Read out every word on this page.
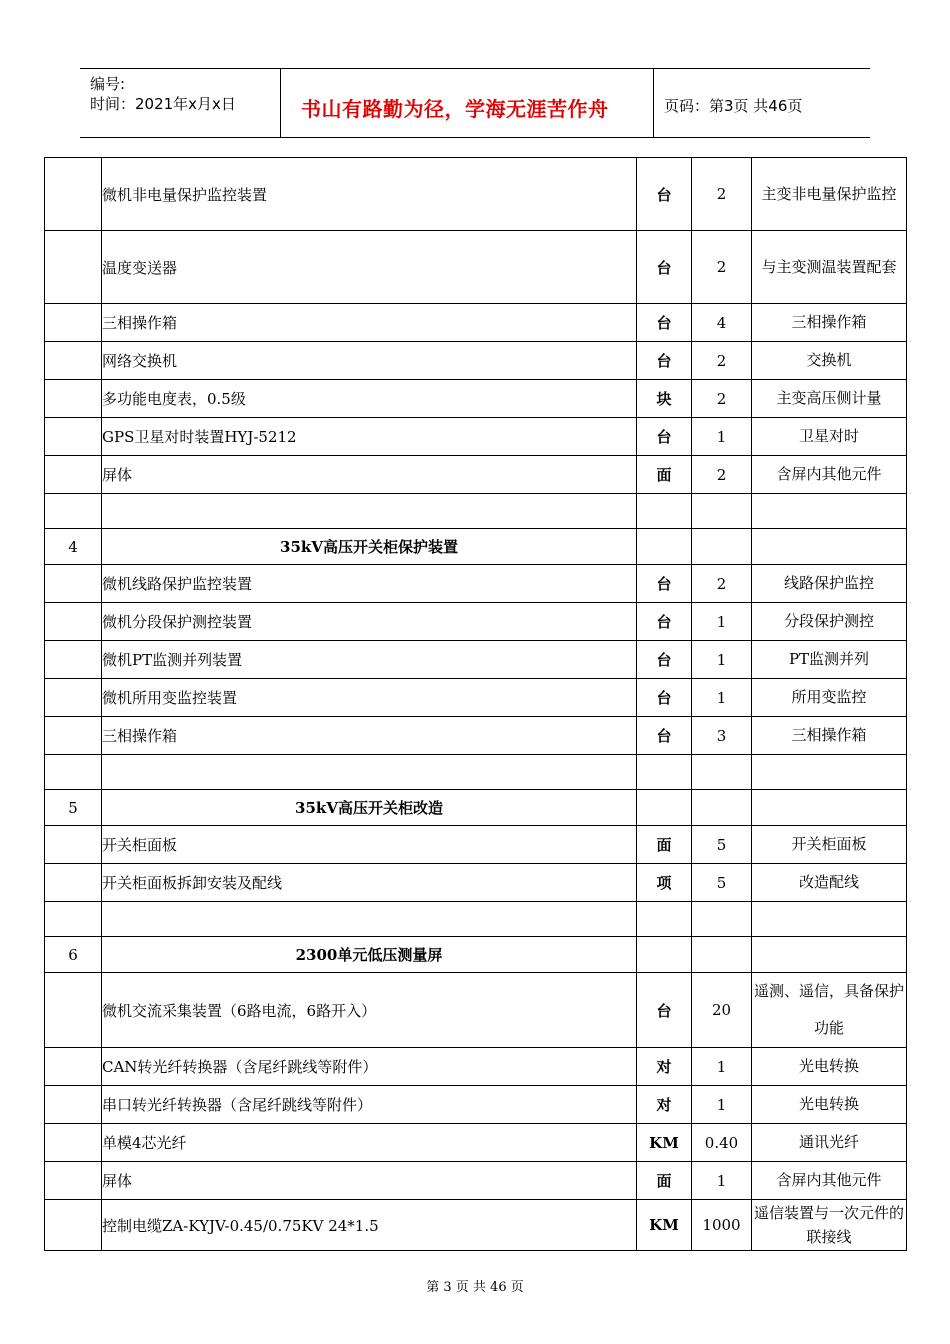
编号:
时间：2021年x月x日	书山有路勤为径，学海无涯苦作舟	页码：第3页 共46页
	微机非电量保护监控装置	台	2	主变非电量保护监控
	温度变送器	台	2	与主变测温装置配套
	三相操作箱	台	4	三相操作箱
	网络交换机	台	2	交换机
	多功能电度表，0.5级	块	2	主变高压侧计量
	GPS卫星对时装置HYJ-5212	台	1	卫星对时
	屏体	面	2	含屏内其他元件

4	35kV高压开关柜保护装置			
	微机线路保护监控装置	台	2	线路保护监控
	微机分段保护测控装置	台	1	分段保护测控
	微机PT监测并列装置	台	1	PT监测并列
	微机所用变监控装置	台	1	所用变监控
	三相操作箱	台	3	三相操作箱

5	35kV高压开关柜改造			
	开关柜面板	面	5	开关柜面板
	开关柜面板拆卸安装及配线	项	5	改造配线

6	2300单元低压测量屏			
	微机交流采集装置（6路电流，6路开入）	台	20	遥测、遥信，具备保护功能
	CAN转光纤转换器（含尾纤跳线等附件）	对	1	光电转换
	串口转光纤转换器（含尾纤跳线等附件）	对	1	光电转换
	单模4芯光纤	KM	0.40	通讯光纤
	屏体	面	1	含屏内其他元件
	控制电缆ZA-KYJV-0.45/0.75KV 24*1.5	KM	1000	遥信装置与一次元件的联接线
第 3 页 共 46 页
